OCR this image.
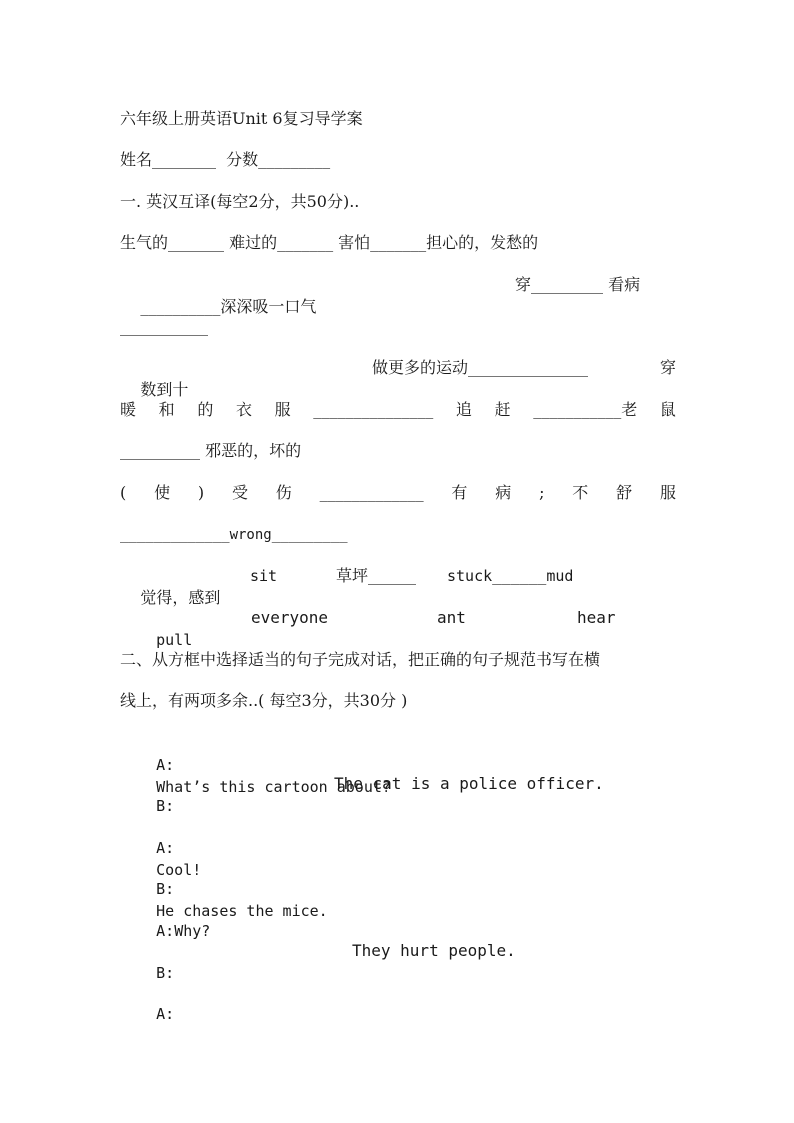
六年级上册英语Unit 6复习导学案
姓名________  分数_________
一. 英汉互译(每空2分，共50分)..
生气的_______ 难过的_______ 害怕_______担心的，发愁的

__________深深吸一口气

穿_________ 看病

___________

数到十

做更多的运动_______________	穿

暖 和 的 衣 服 _______________ 追 赶 ___________老 鼠
__________ 邪恶的，坏的
( 使 ) 受 伤 _____________ 有 病 ; 不 舒 服
_____________wrong_________

觉得，感到

sit

	草坪______

stuck______mud

pull

everyone

	ant

	hear

二、从方框中选择适当的句子完成对话，把正确的句子规范书写在横
线上，有两项多余..( 每空3分，共30分 )

A:
What’s this cartoon about?

B:

The cat is a police officer.

A:
Cool!

B:
He chases the mice.

A:Why?

B:

They hurt people.

A:
